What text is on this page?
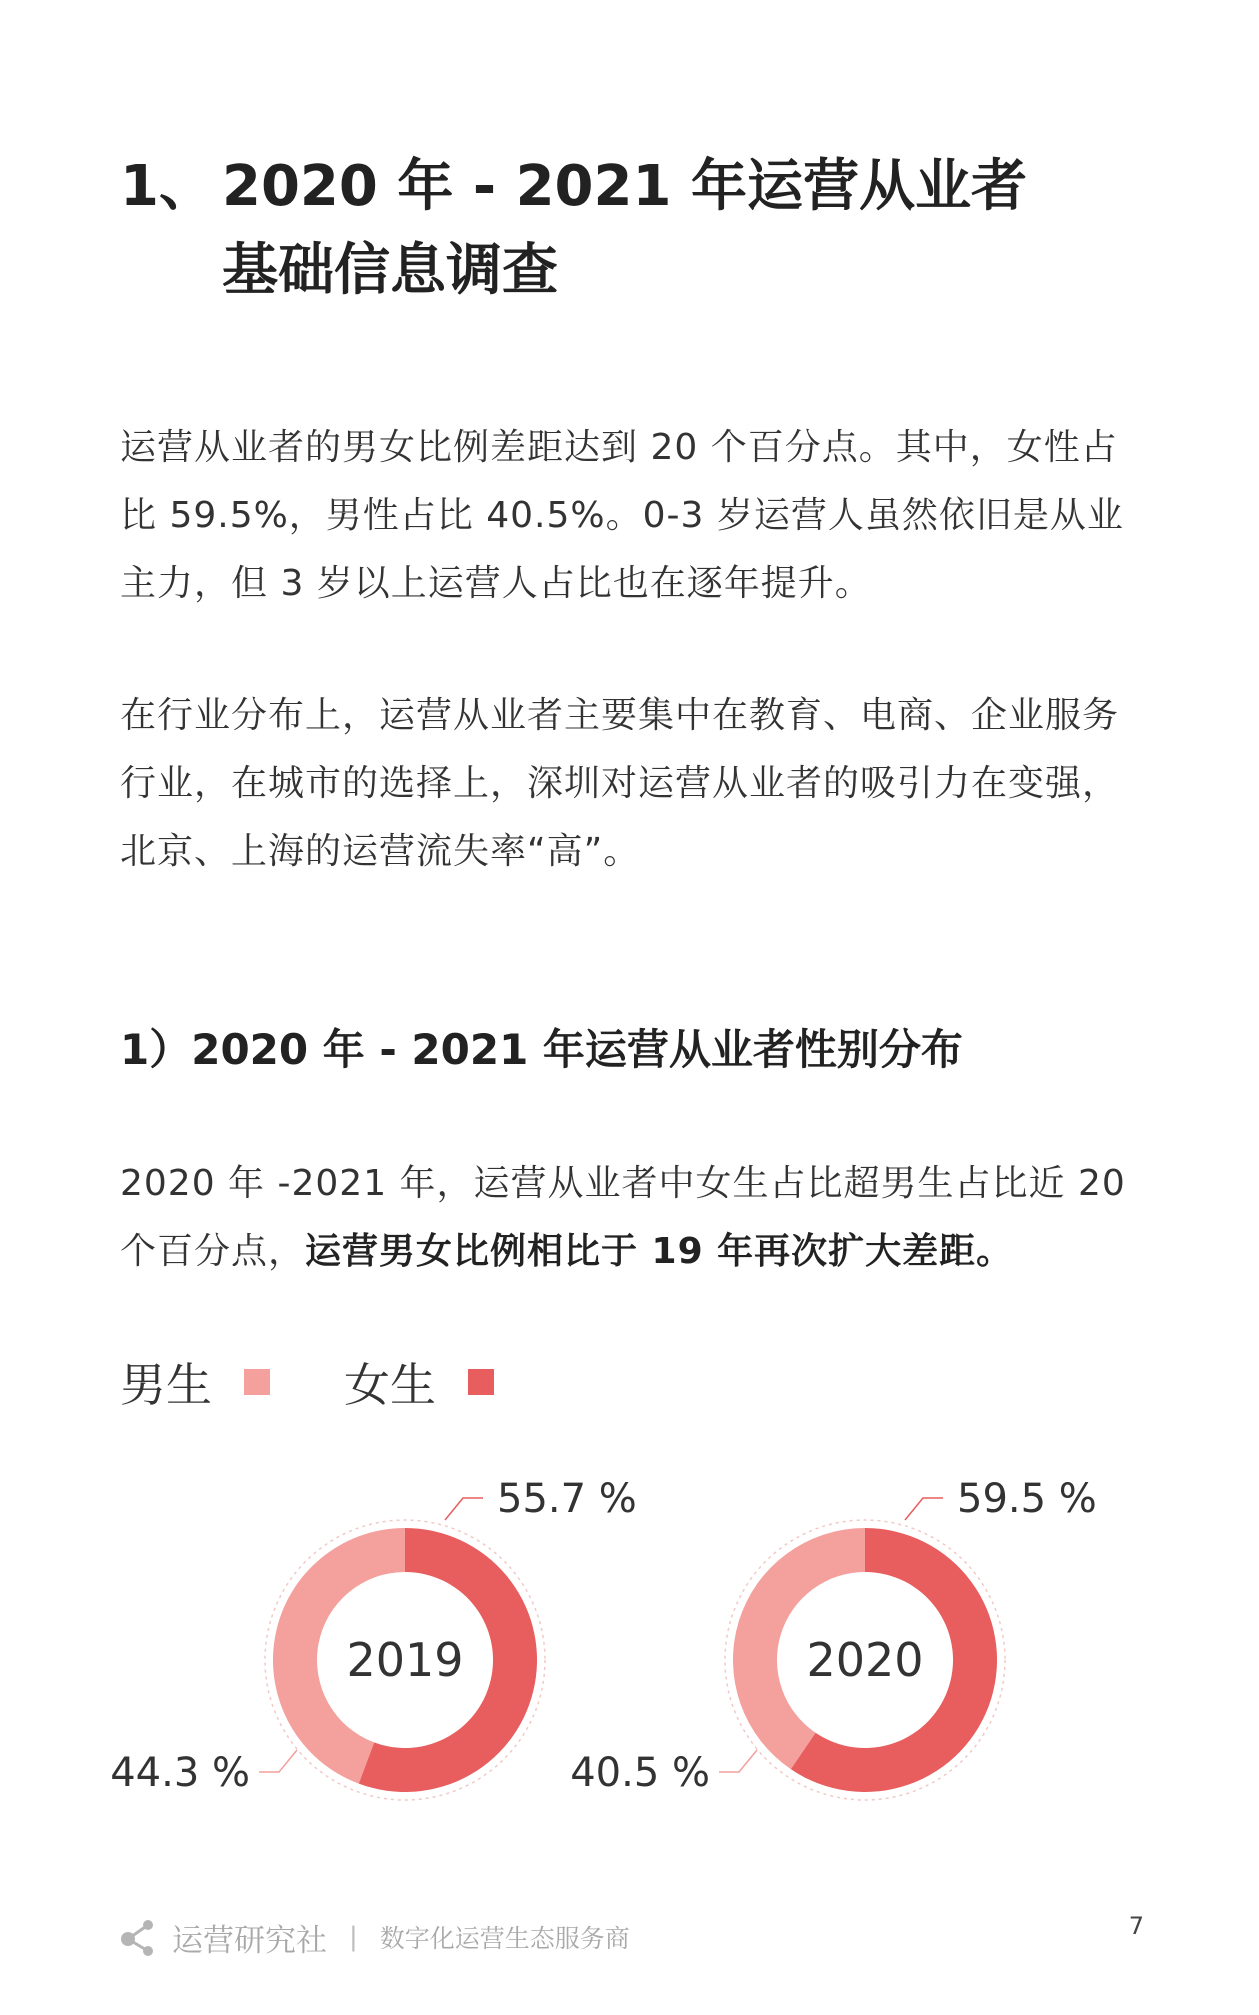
1、 2020 年 - 2021 年运营从业者
基础信息调查

运营从业者的男女比例差距达到 20 个百分点。其中，女性占比 59.5%，男性占比 40.5%。0-3 岁运营人虽然依旧是从业主力，但 3 岁以上运营人占比也在逐年提升。

在行业分布上，运营从业者主要集中在教育、电商、企业服务行业，在城市的选择上，深圳对运营从业者的吸引力在变强，北京、上海的运营流失率“高”。

1）2020 年 - 2021 年运营从业者性别分布

2020 年 -2021 年，运营从业者中女生占比超男生占比近 20 个百分点，运营男女比例相比于 19 年再次扩大差距。

男生	女生
2019
55.7 %
44.3 %
2020
59.5 %
40.5 %
运营研究社 | 数字化运营生态服务商	7
